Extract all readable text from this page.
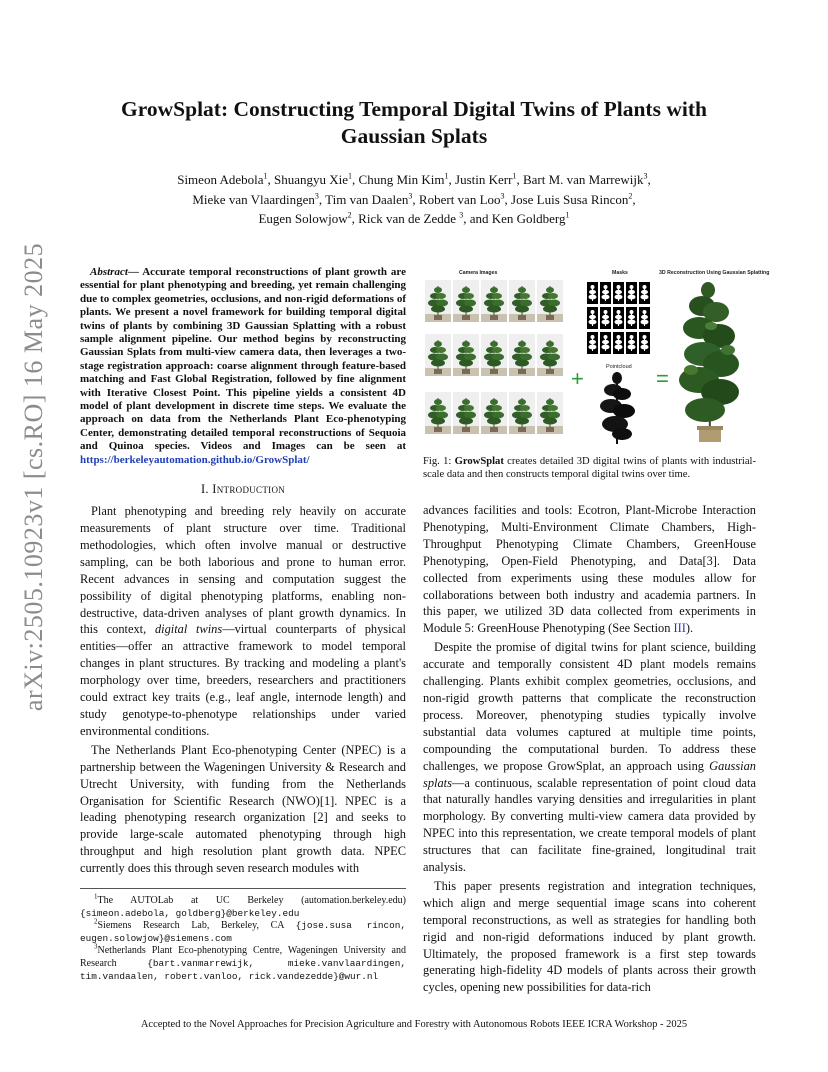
arXiv:2505.10923v1 [cs.RO] 16 May 2025
GrowSplat: Constructing Temporal Digital Twins of Plants with
Gaussian Splats
Simeon Adebola$^1$, Shuangyu Xie$^1$, Chung Min Kim$^1$, Justin Kerr$^1$, Bart M. van Marrewijk$^3$,
Mieke van Vlaardingen$^3$, Tim van Daalen$^3$, Robert van Loo$^3$, Jose Luis Susa Rincon$^2$,
Eugen Solowjow$^2$, Rick van de Zedde $^3$, and Ken Goldberg$^1$

Abstract— Accurate temporal reconstructions of plant growth are essential for plant phenotyping and breeding, yet remain challenging due to complex geometries, occlusions, and non-rigid deformations of plants. We present a novel framework for building temporal digital twins of plants by combining 3D Gaussian Splatting with a robust sample alignment pipeline. Our method begins by reconstructing Gaussian Splats from multi-view camera data, then leverages a two-stage registration approach: coarse alignment through feature-based matching and Fast Global Registration, followed by fine alignment with Iterative Closest Point. This pipeline yields a consistent 4D model of plant development in discrete time steps. We evaluate the approach on data from the Netherlands Plant Eco-phenotyping Center, demonstrating detailed temporal reconstructions of Sequoia and Quinoa species. Videos and Images can be seen at https://berkeleyautomation.github.io/GrowSplat/

I. Introduction

Plant phenotyping and breeding rely heavily on accurate measurements of plant structure over time. Traditional methodologies, which often involve manual or destructive sampling, can be both laborious and prone to human error. Recent advances in sensing and computation suggest the possibility of digital phenotyping platforms, enabling non-destructive, data-driven analyses of plant growth dynamics. In this context, digital twins—virtual counterparts of physical entities—offer an attractive framework to model temporal changes in plant structures. By tracking and modeling a plant's morphology over time, breeders, researchers and practitioners could extract key traits (e.g., leaf angle, internode length) and study genotype-to-phenotype relationships under varied environmental conditions.

The Netherlands Plant Eco-phenotyping Center (NPEC) is a partnership between the Wageningen University & Research and Utrecht University, with funding from the Netherlands Organisation for Scientific Research (NWO)[1]. NPEC is a leading phenotyping research organization [2] and seeks to provide large-scale automated phenotyping through high throughput and high resolution plant growth data. NPEC currently does this through seven research modules with

$^1$The AUTOLab at UC Berkeley (automation.berkeley.edu) {simeon.adebola, goldberg}@berkeley.edu

$^2$Siemens Research Lab, Berkeley, CA {jose.susa rincon, eugen.solowjow}@siemens.com

$^3$Netherlands Plant Eco-phenotyping Centre, Wageningen University and Research {bart.vanmarrewijk, mieke.vanvlaardingen, tim.vandaalen, robert.vanloo, rick.vandezedde}@wur.nl

Camera Images	Masks	3D Reconstruction Using Gaussian Splatting
Pointcloud
+	=

Fig. 1: GrowSplat creates detailed 3D digital twins of plants with industrial-scale data and then constructs temporal digital twins over time.

advances facilities and tools: Ecotron, Plant-Microbe Interaction Phenotyping, Multi-Environment Climate Chambers, High-Throughput Phenotyping Climate Chambers, GreenHouse Phenotyping, Open-Field Phenotyping, and Data[3]. Data collected from experiments using these modules allow for collaborations between both industry and academia partners. In this paper, we utilized 3D data collected from experiments in Module 5: GreenHouse Phenotyping (See Section III).

Despite the promise of digital twins for plant science, building accurate and temporally consistent 4D plant models remains challenging. Plants exhibit complex geometries, occlusions, and non-rigid growth patterns that complicate the reconstruction process. Moreover, phenotyping studies typically involve substantial data volumes captured at multiple time points, compounding the computational burden. To address these challenges, we propose GrowSplat, an approach using Gaussian splats—a continuous, scalable representation of point cloud data that naturally handles varying densities and irregularities in plant morphology. By converting multi-view camera data provided by NPEC into this representation, we create temporal models of plant structures that can facilitate fine-grained, longitudinal trait analysis.

This paper presents registration and integration techniques, which align and merge sequential image scans into coherent temporal reconstructions, as well as strategies for handling both rigid and non-rigid deformations induced by plant growth. Ultimately, the proposed framework is a first step towards generating high-fidelity 4D models of plants across their growth cycles, opening new possibilities for data-rich

Accepted to the Novel Approaches for Precision Agriculture and Forestry with Autonomous Robots IEEE ICRA Workshop - 2025
